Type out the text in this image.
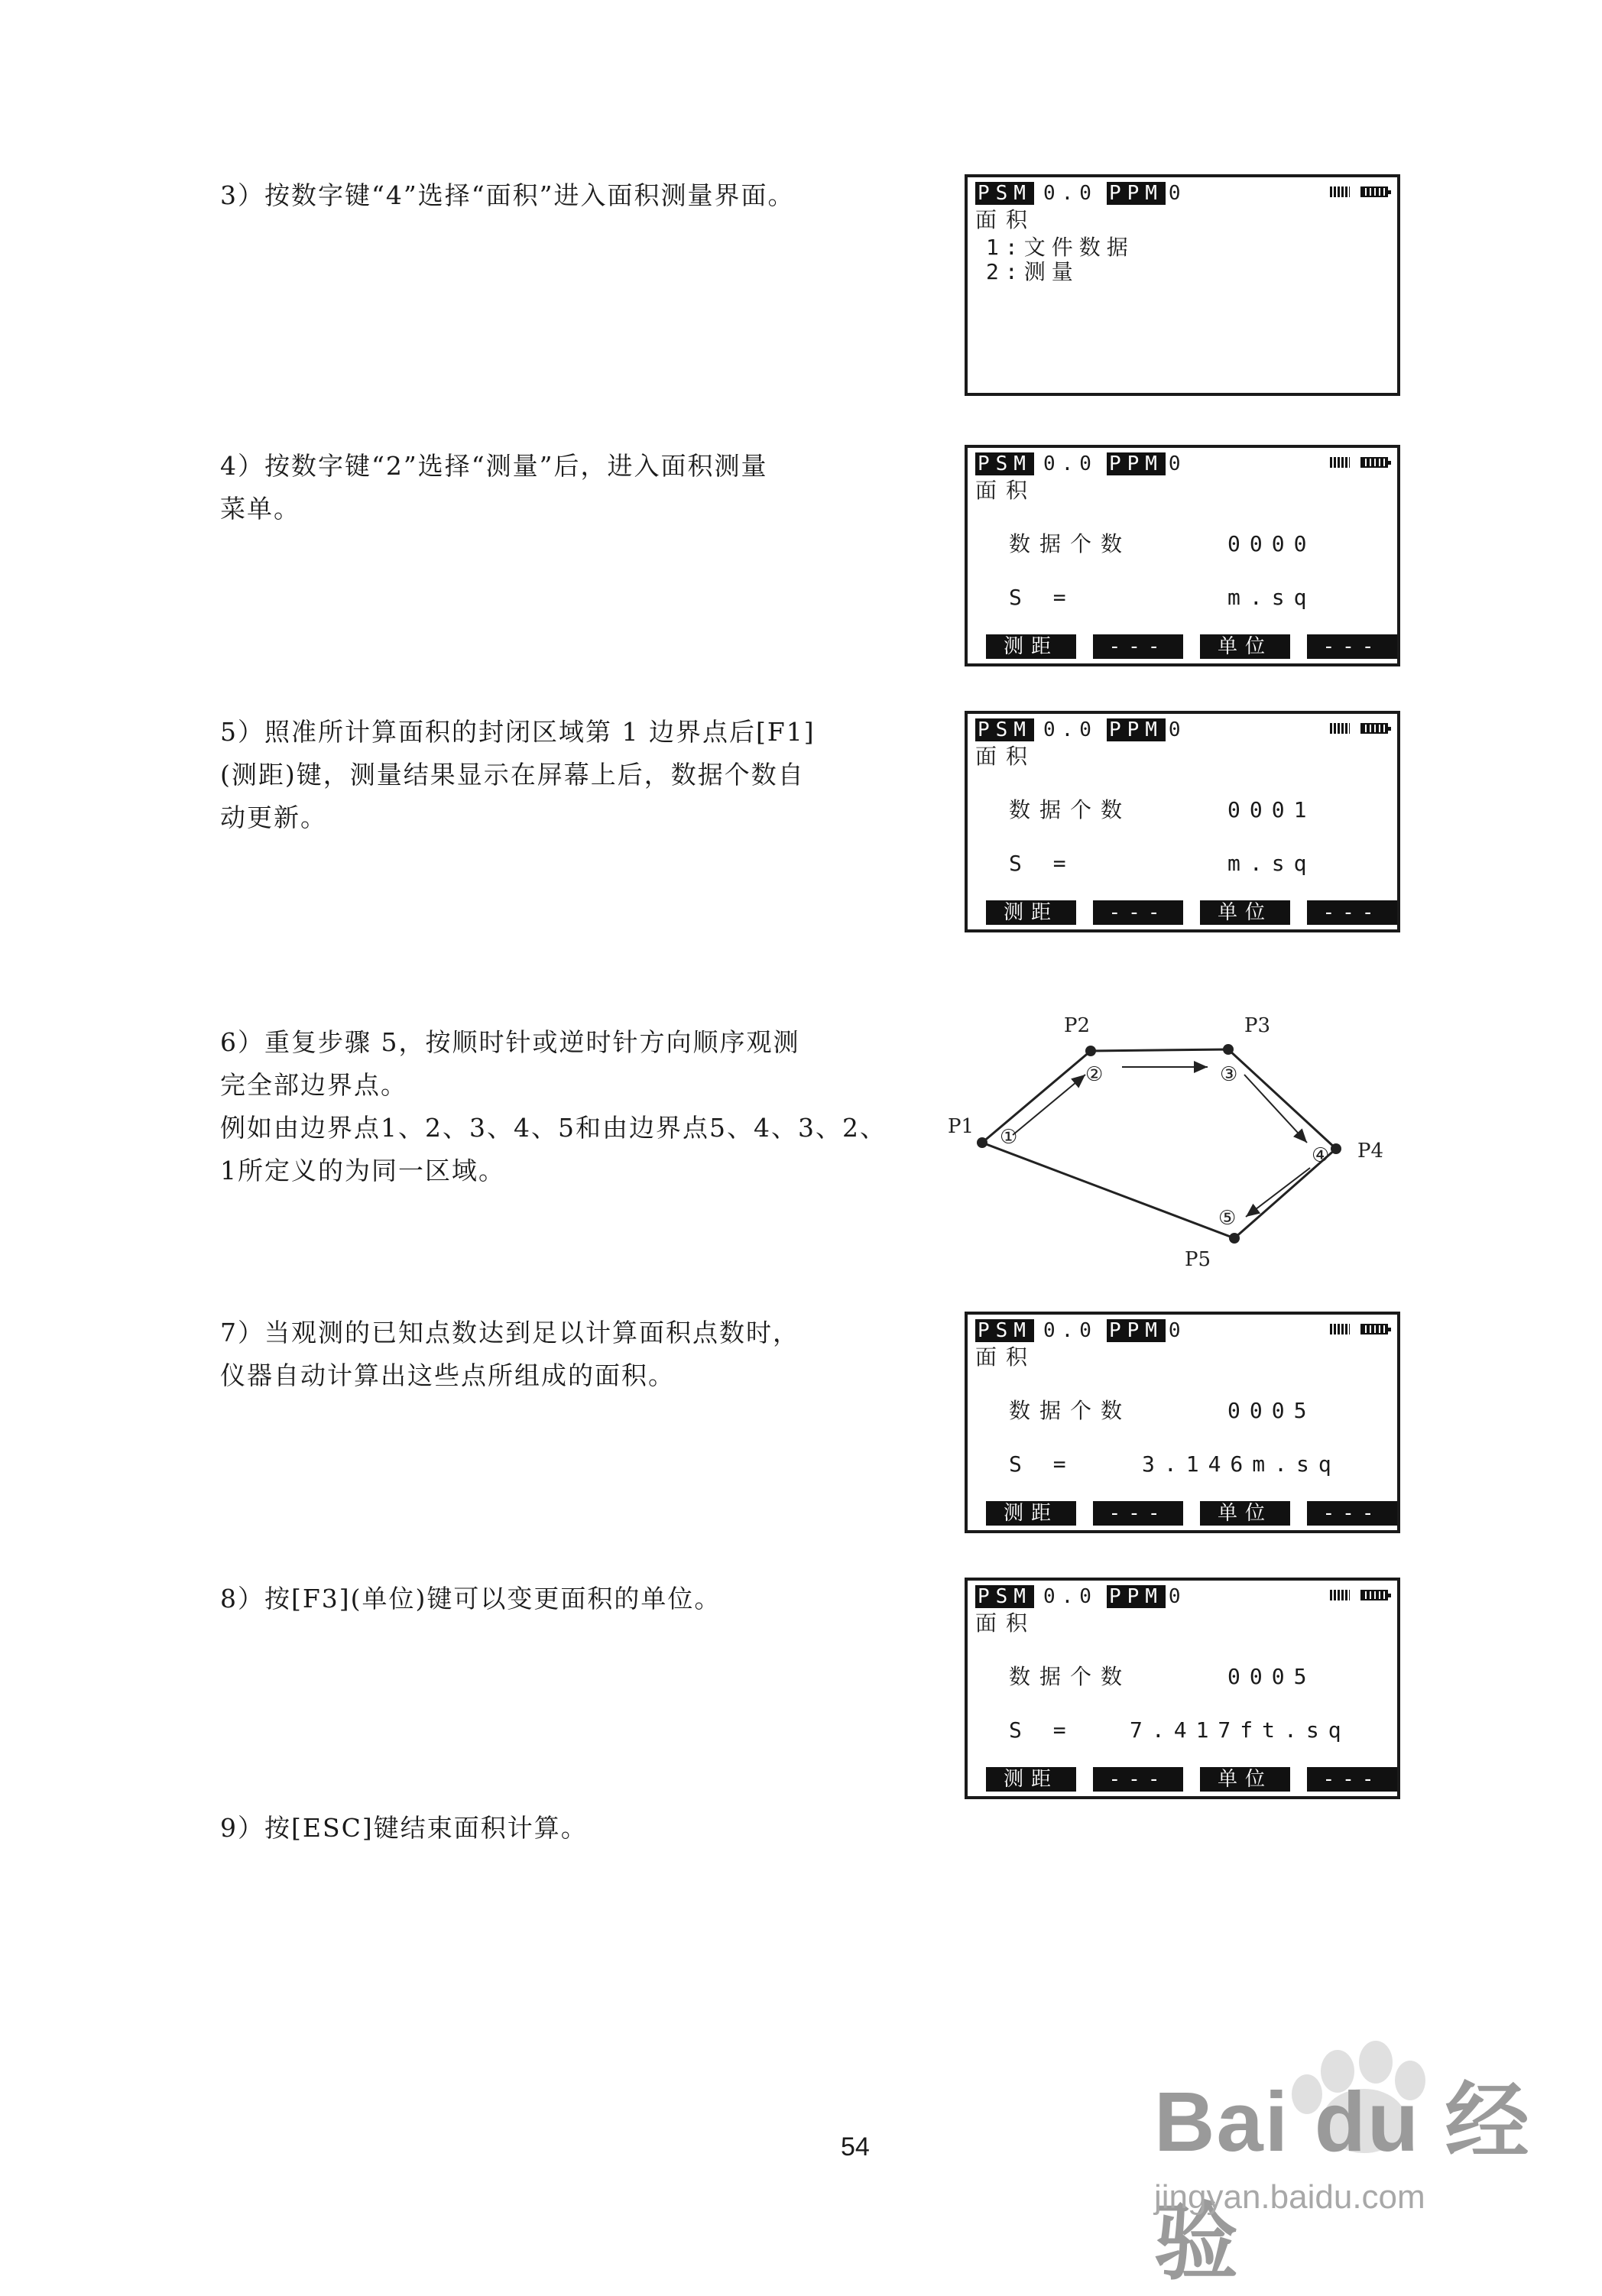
3）按数字键“4”选择“面积”进入面积测量界面。	PSM 0.0 PPM 0
面积
1:文件数据
2:测量

4）按数字键“2”选择“测量”后，进入面积测量

菜单。

PSM 0.0 PPM 0
面积
数据个数	0000
S =	m.sq
测距	---	单位	---

5）照准所计算面积的封闭区域第 1 边界点后[F1]

(测距)键，测量结果显示在屏幕上后，数据个数自

动更新。

PSM 0.0 PPM 0
面积
数据个数	0001
S =	m.sq
测距	---	单位	---

6）重复步骤 5，按顺时针或逆时针方向顺序观测

完全部边界点。

例如由边界点1、2、3、4、5和由边界点5、4、3、2、

1所定义的为同一区域。

P1
P2	P3
P4
P5
①
②	③
④
⑤

7）当观测的已知点数达到足以计算面积点数时，

仪器自动计算出这些点所组成的面积。

PSM 0.0 PPM 0
面积
数据个数	0005
S =	3.146m.sq
测距	---	单位	---

8）按[F3](单位)键可以变更面积的单位。	PSM 0.0 PPM 0
面积
数据个数	0005
S =	7.417ft.sq
测距	---	单位	---

9）按[ESC]键结束面积计算。

Bai du 经验
jingyan.baidu.com
54
